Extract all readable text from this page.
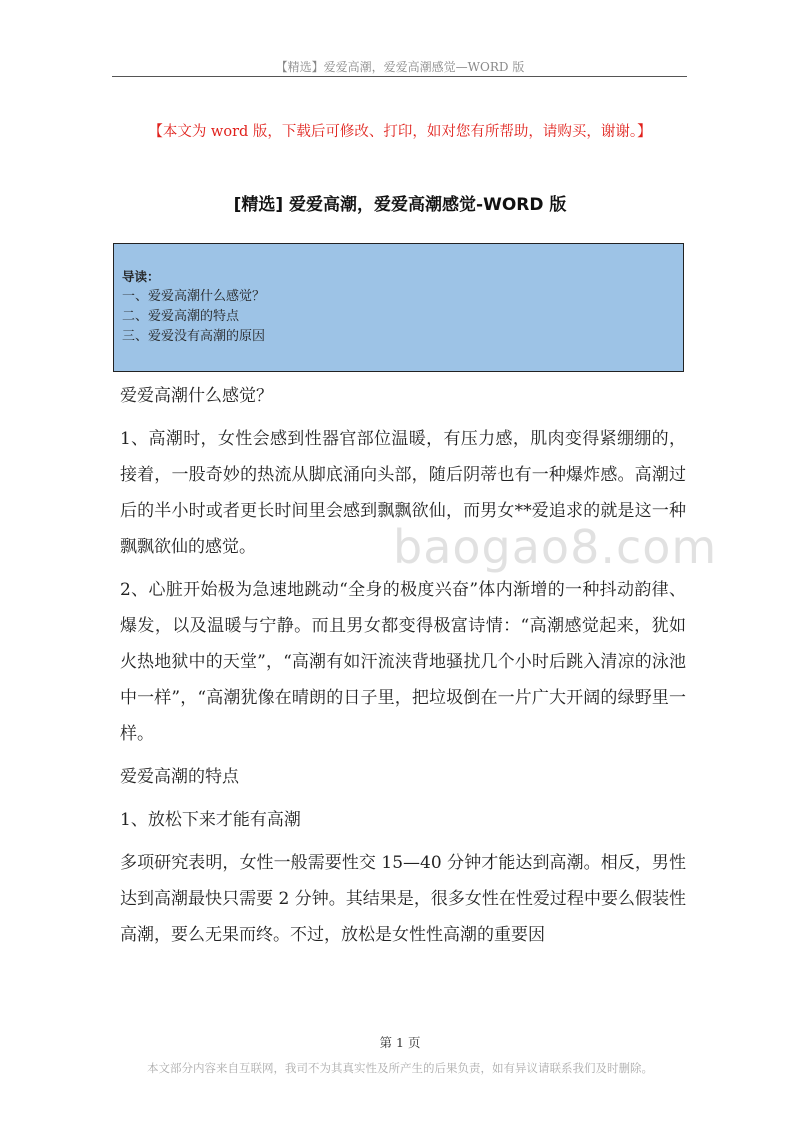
【精选】爱爱高潮，爱爱高潮感觉—WORD 版
【本文为 word 版，下载后可修改、打印，如对您有所帮助，请购买，谢谢。】
[精选] 爱爱高潮，爱爱高潮感觉-WORD 版
导读：
一、爱爱高潮什么感觉？
二、爱爱高潮的特点
三、爱爱没有高潮的原因
baogao8.com

爱爱高潮什么感觉？

1、高潮时，女性会感到性器官部位温暖，有压力感，肌肉变得紧绷绷的，接着，一股奇妙的热流从脚底涌向头部，随后阴蒂也有一种爆炸感。高潮过后的半小时或者更长时间里会感到飘飘欲仙，而男女**爱追求的就是这一种飘飘欲仙的感觉。

2、心脏开始极为急速地跳动“全身的极度兴奋”体内渐增的一种抖动韵律、爆发，以及温暖与宁静。而且男女都变得极富诗情：“高潮感觉起来，犹如火热地狱中的天堂”，“高潮有如汗流浃背地骚扰几个小时后跳入清凉的泳池中一样”，“高潮犹像在晴朗的日子里，把垃圾倒在一片广大开阔的绿野里一样。

爱爱高潮的特点

1、放松下来才能有高潮

多项研究表明，女性一般需要性交 15—40 分钟才能达到高潮。相反，男性达到高潮最快只需要 2 分钟。其结果是，很多女性在性爱过程中要么假装性高潮，要么无果而终。不过，放松是女性性高潮的重要因

第 1 页
本文部分内容来自互联网，我司不为其真实性及所产生的后果负责，如有异议请联系我们及时删除。
